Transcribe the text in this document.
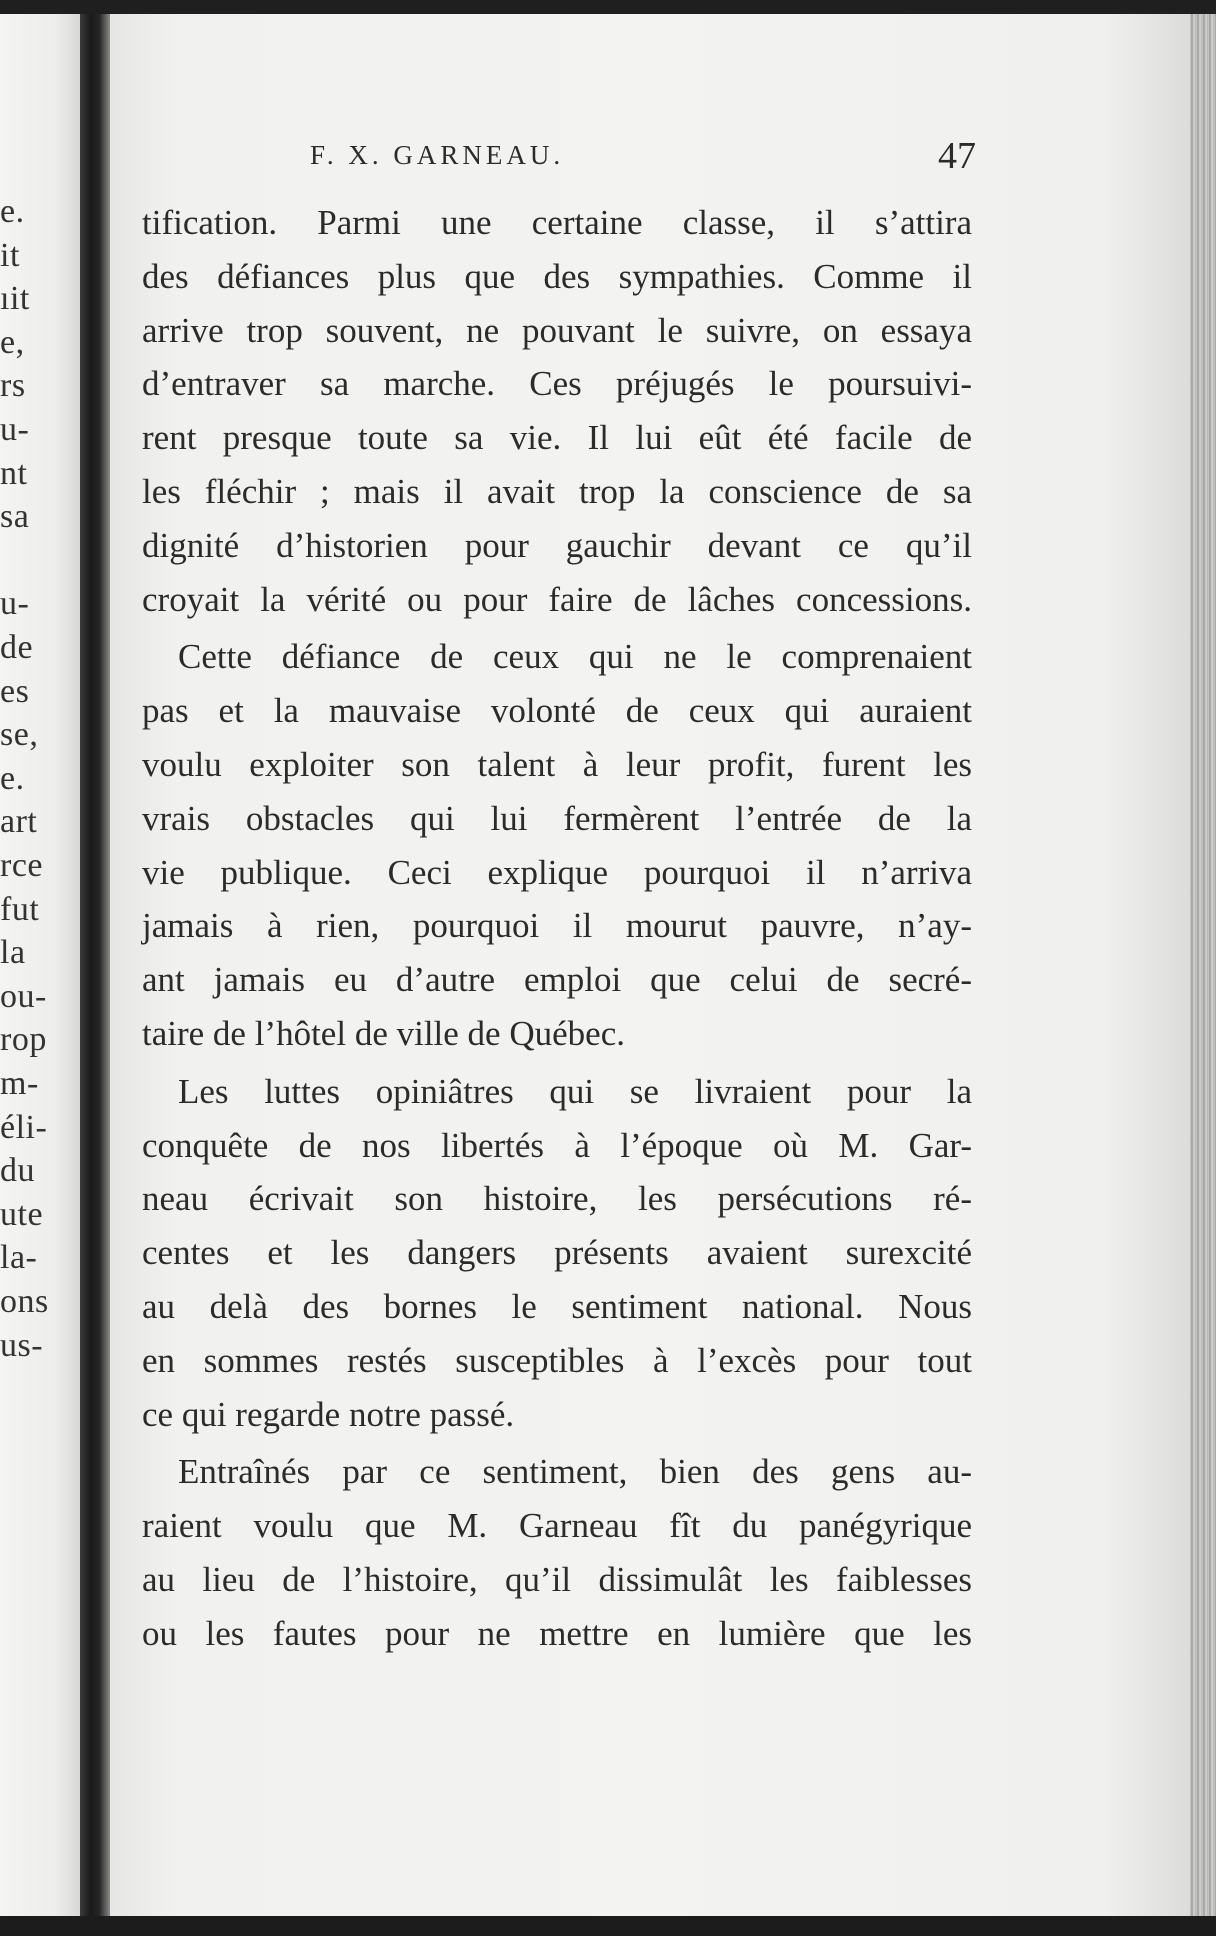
e.
it
ıit
e,
rs
u-
nt
sa
u-
de
es
se,
e.
art
rce
fut
la
ou-
rop
m-
éli-
du
ute
la-
ons
us-
F. X. GARNEAU.	47
tification. Parmi une certaine classe, il s’attira
des défiances plus que des sympathies. Comme il
arrive trop souvent, ne pouvant le suivre, on essaya
d’entraver sa marche. Ces préjugés le poursuivi-
rent presque toute sa vie. Il lui eût été facile de
les fléchir ; mais il avait trop la conscience de sa
dignité d’historien pour gauchir devant ce qu’il
croyait la vérité ou pour faire de lâches concessions.
Cette défiance de ceux qui ne le comprenaient
pas et la mauvaise volonté de ceux qui auraient
voulu exploiter son talent à leur profit, furent les
vrais obstacles qui lui fermèrent l’entrée de la
vie publique. Ceci explique pourquoi il n’arriva
jamais à rien, pourquoi il mourut pauvre, n’ay-
ant jamais eu d’autre emploi que celui de secré-
taire de l’hôtel de ville de Québec.
Les luttes opiniâtres qui se livraient pour la
conquête de nos libertés à l’époque où M. Gar-
neau écrivait son histoire, les persécutions ré-
centes et les dangers présents avaient surexcité
au delà des bornes le sentiment national. Nous
en sommes restés susceptibles à l’excès pour tout
ce qui regarde notre passé.
Entraînés par ce sentiment, bien des gens au-
raient voulu que M. Garneau fît du panégyrique
au lieu de l’histoire, qu’il dissimulât les faiblesses
ou les fautes pour ne mettre en lumière que les
